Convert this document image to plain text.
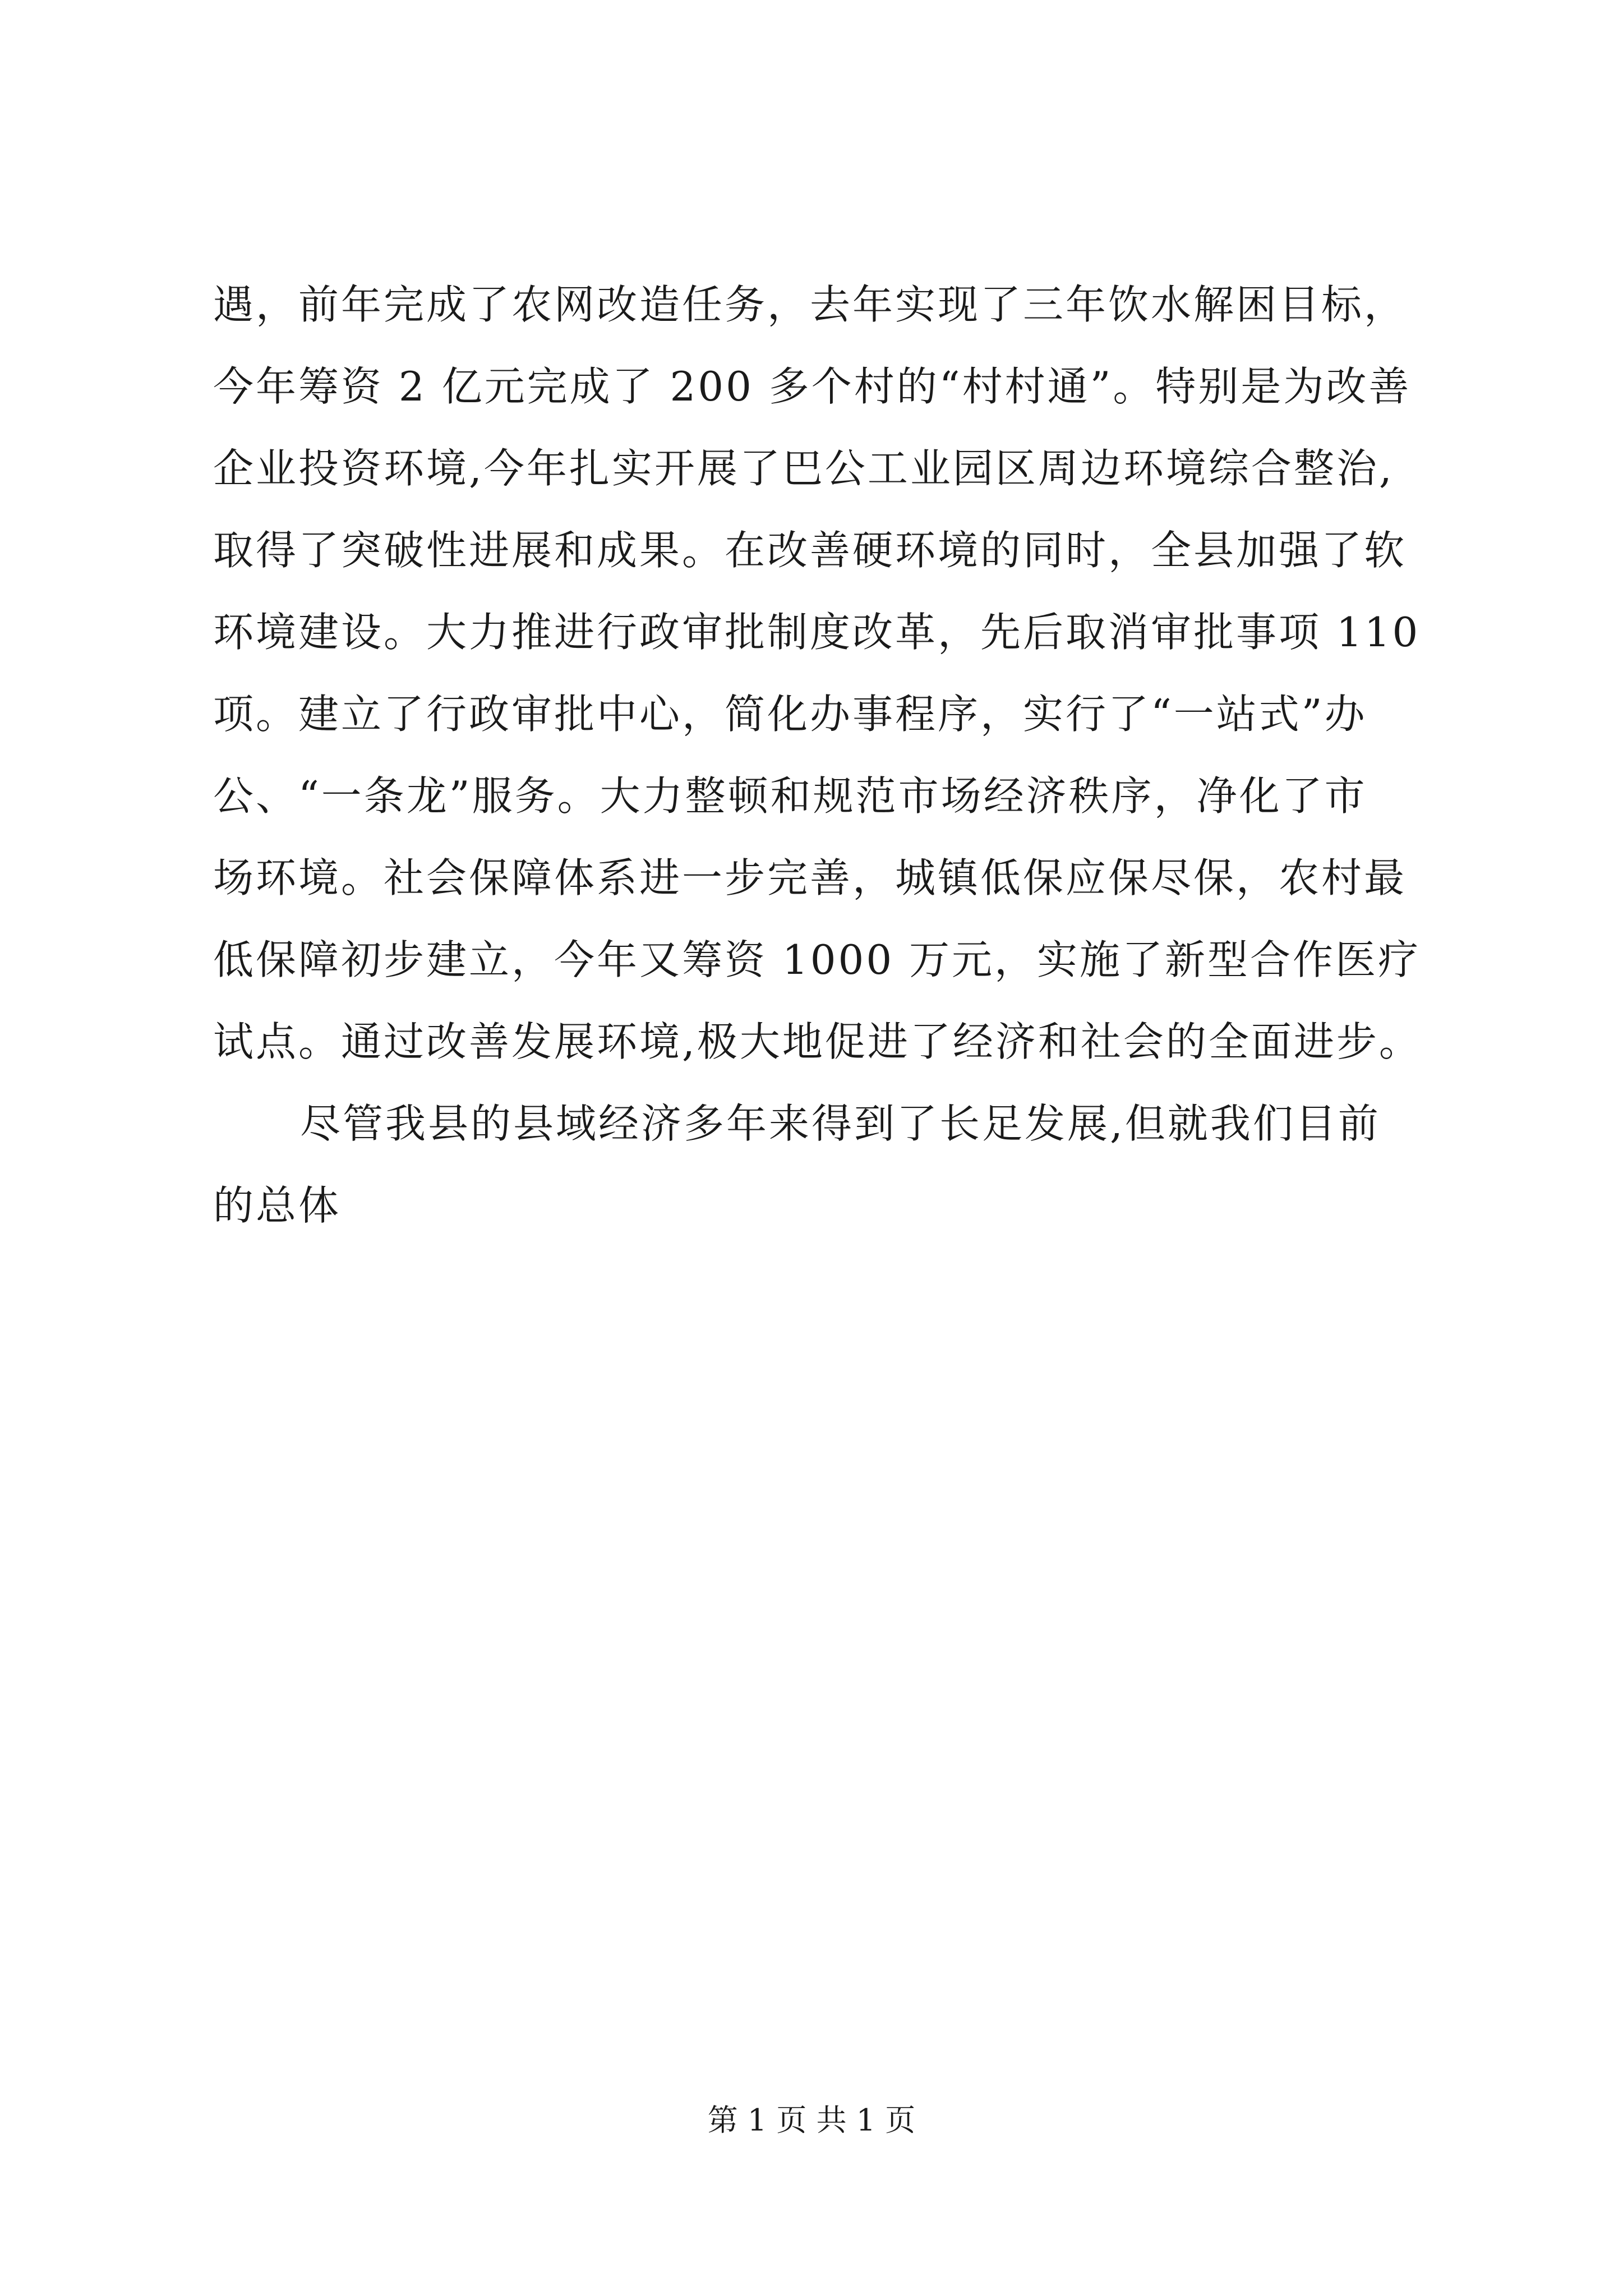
遇，前年完成了农网改造任务，去年实现了三年饮水解困目标，
今年筹资 2 亿元完成了 200 多个村的“村村通”。特别是为改善
企业投资环境,今年扎实开展了巴公工业园区周边环境综合整治,
取得了突破性进展和成果。在改善硬环境的同时，全县加强了软
环境建设。大力推进行政审批制度改革，先后取消审批事项 110
项。建立了行政审批中心，简化办事程序，实行了“一站式”办
公、“一条龙”服务。大力整顿和规范市场经济秩序，净化了市
场环境。社会保障体系进一步完善，城镇低保应保尽保，农村最
低保障初步建立，今年又筹资 1000 万元，实施了新型合作医疗
试点。通过改善发展环境,极大地促进了经济和社会的全面进步。
尽管我县的县域经济多年来得到了长足发展,但就我们目前
的总体
第 1 页 共 1 页
